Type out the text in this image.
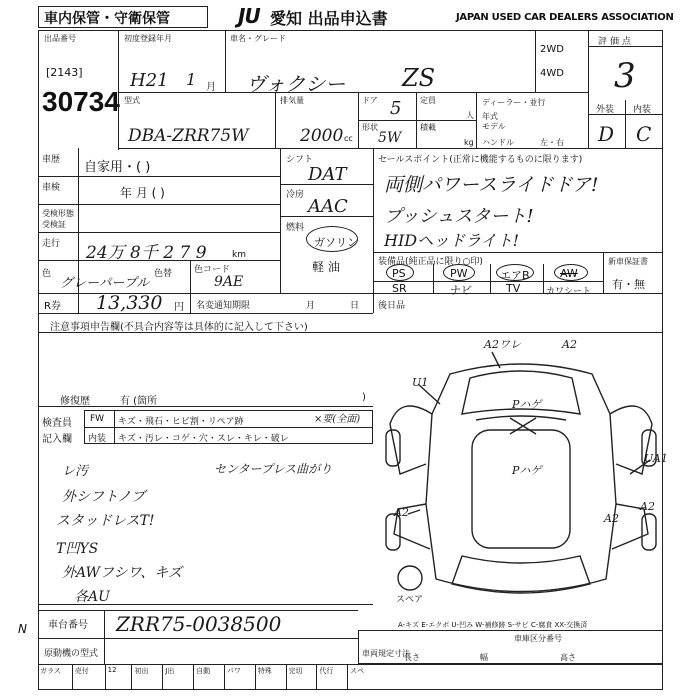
車内保管・守衛保管	JU 愛知 出品申込書	JAPAN USED CAR DEALERS ASSOCIATION
出品番号
[2143]
30734
初度登録年月
H21 1 月
車名・グレード
ヴォクシー ZS
2WD
4WD
評価点
3
型式
DBA-ZRR75W
排気量
2000 cc
ドア 5
形状
5W
定員
人
積載
kg
ディーラー・並行
年式
モデル
ハンドル	左・右
外装 内装
D C
車歴 自家用・( )
車検	年 月 ( )
受検形態
受検証
走行 24万 8千 2 7 9	km
色
グレーパープル
色替 色コード
9AE
シフト
DAT
冷房
AAC
燃料
ガソリン
軽 油
セールスポイント(正常に機能するものに限ります)
両側パワースライドドア!
プッシュスタート!
HIDヘッドライト!
装備品(純正品に限り○印)
PS	PW	エアB	AW
SR	ナビ	TV	カワシート
新車保証書
有・無
R券 13,330 円 名変通知期限	月	日 後日品
注意事項申告欄(不具合内容等は具体的に記入して下さい)
修復歴	有 (箇所	)
検査員
記入欄
FW キズ・飛石・ヒビ割・リペア跡	×要(全面)
内装 キズ・汚レ・コゲ・穴・スレ・キレ・破レ
レ汚	センタープレス曲がり
外シフトノブ
スタッドレスT!
T凹YS
外AWフシワ、キズ
各AU
A2ワレ	A2
U1
Pハゲ
Pハゲ
A2	A2
A2
UA1
スペア
A-キズ E-エクボ U-凹み W-補修跡 S-サビ C-腐食 XX-交換済
N 車台番号 ZRR75-0038500
原動機の型式
車庫区分番号
車両規定寸法
長さ	幅	高さ
ガラス	売付	12	初出	J出	自動	パワ	特殊	完切	代行	スペ
